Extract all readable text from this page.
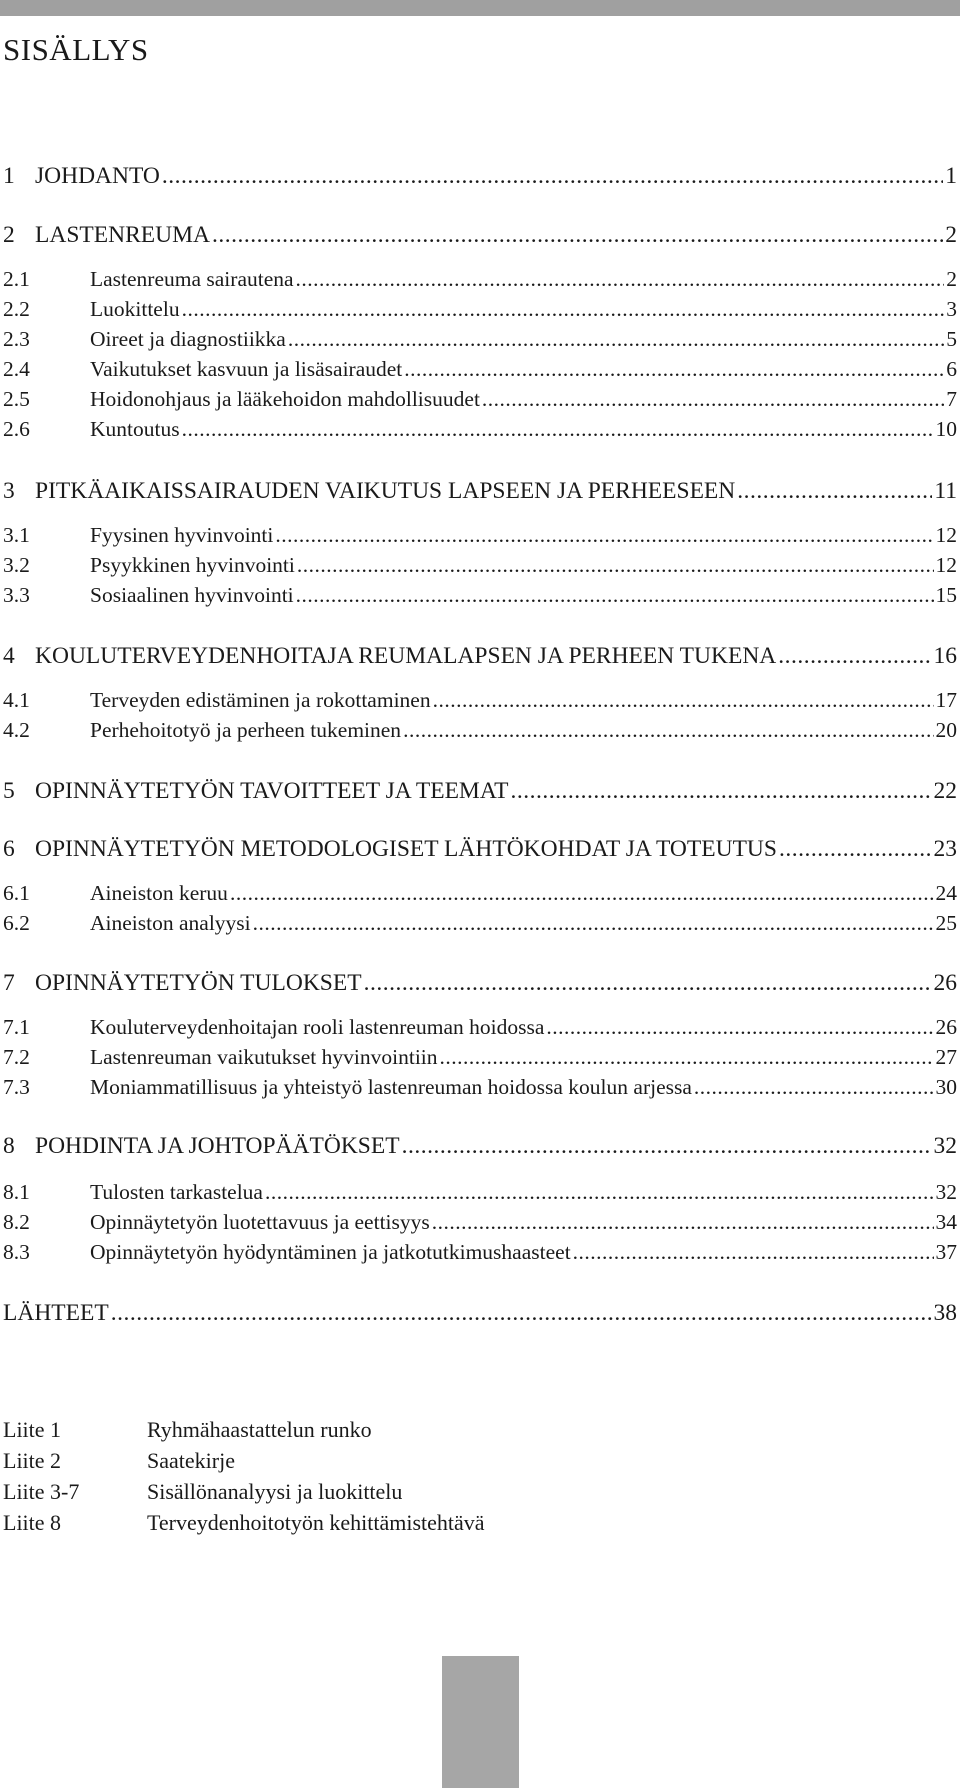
SISÄLLYS
1 JOHDANTO .....	1
2 LASTENREUMA .....	2
2.1	Lastenreuma sairautena .....	2
2.2	Luokittelu .....	3
2.3	Oireet ja diagnostiikka .....	5
2.4	Vaikutukset kasvuun ja lisäsairaudet .....	6
2.5	Hoidonohjaus ja lääkehoidon mahdollisuudet .....	7
2.6	Kuntoutus .....	10
3 PITKÄAIKAISSAIRAUDEN VAIKUTUS LAPSEEN JA PERHEESEEN .....	11
3.1	Fyysinen hyvinvointi .....	12
3.2	Psyykkinen hyvinvointi .....	12
3.3	Sosiaalinen hyvinvointi .....	15
4 KOULUTERVEYDENHOITAJA REUMALAPSEN JA PERHEEN TUKENA .....	16
4.1	Terveyden edistäminen ja rokottaminen .....	17
4.2	Perhehoitotyö ja perheen tukeminen .....	20
5 OPINNÄYTETYÖN TAVOITTEET JA TEEMAT .....	22
6 OPINNÄYTETYÖN METODOLOGISET LÄHTÖKOHDAT JA TOTEUTUS .....	23
6.1	Aineiston keruu .....	24
6.2	Aineiston analyysi .....	25
7 OPINNÄYTETYÖN TULOKSET .....	26
7.1	Kouluterveydenhoitajan rooli lastenreuman hoidossa .....	26
7.2	Lastenreuman vaikutukset hyvinvointiin .....	27
7.3	Moniammatillisuus ja yhteistyö lastenreuman hoidossa koulun arjessa .....	30
8 POHDINTA JA JOHTOPÄÄTÖKSET .....	32
8.1	Tulosten tarkastelua .....	32
8.2	Opinnäytetyön luotettavuus ja eettisyys .....	34
8.3	Opinnäytetyön hyödyntäminen ja jatkotutkimushaasteet .....	37
LÄHTEET .....	38
Liite 1	Ryhmähaastattelun runko
Liite 2	Saatekirje
Liite 3-7	Sisällönanalyysi ja luokittelu
Liite 8	Terveydenhoitotyön kehittämistehtävä
